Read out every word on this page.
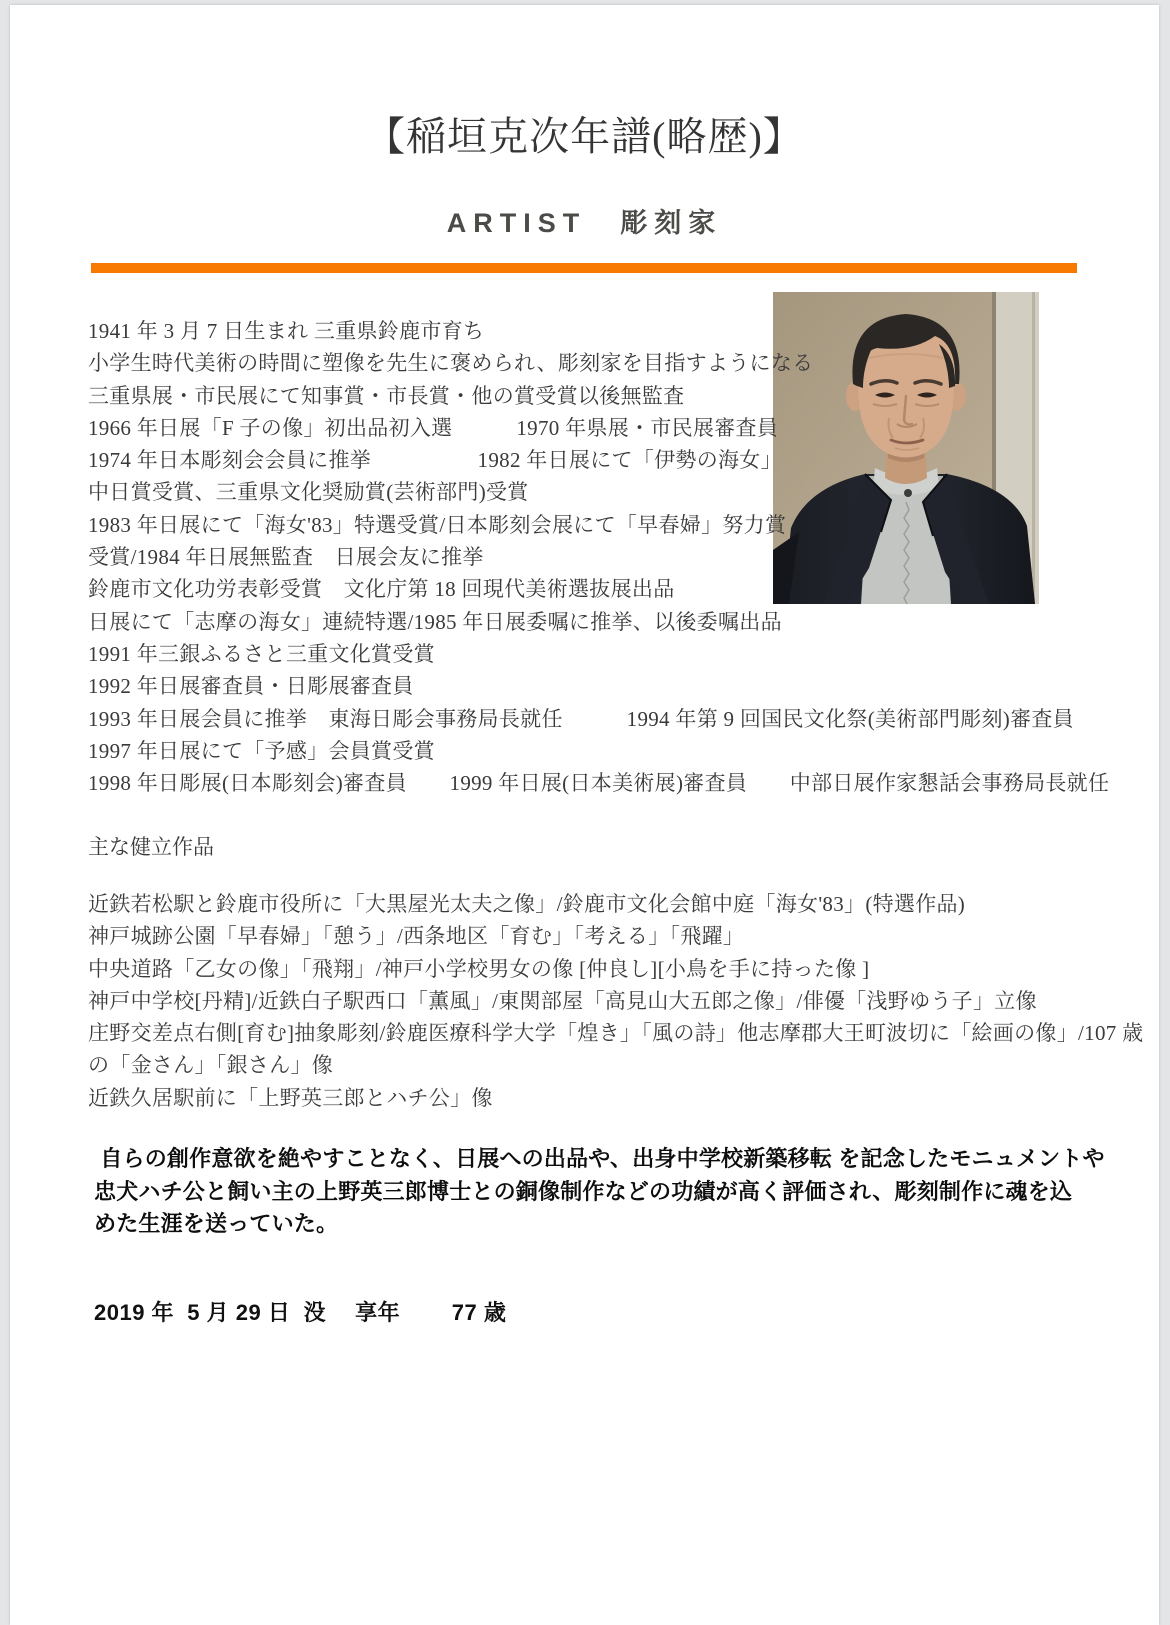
【稲垣克次年譜(略歴)】
ARTIST　彫刻家
1941 年 3 月 7 日生まれ 三重県鈴鹿市育ち
小学生時代美術の時間に塑像を先生に褒められ、彫刻家を目指すようになる
三重県展・市民展にて知事賞・市長賞・他の賞受賞以後無監査
1966 年日展「F 子の像」初出品初入選　　　1970 年県展・市民展審査員
1974 年日本彫刻会会員に推挙　　　　　1982 年日展にて「伊勢の海女」
中日賞受賞、三重県文化奨励賞(芸術部門)受賞
1983 年日展にて「海女'83」特選受賞/日本彫刻会展にて「早春婦」努力賞
受賞/1984 年日展無監査　日展会友に推挙
鈴鹿市文化功労表彰受賞　文化庁第 18 回現代美術選抜展出品
日展にて「志摩の海女」連続特選/1985 年日展委嘱に推挙、以後委嘱出品
1991 年三銀ふるさと三重文化賞受賞
1992 年日展審査員・日彫展審査員
1993 年日展会員に推挙　東海日彫会事務局長就任　　　1994 年第 9 回国民文化祭(美術部門彫刻)審査員
1997 年日展にて「予感」会員賞受賞
1998 年日彫展(日本彫刻会)審査員　　1999 年日展(日本美術展)審査員　　中部日展作家懇話会事務局長就任
主な健立作品
近鉄若松駅と鈴鹿市役所に「大黒屋光太夫之像」/鈴鹿市文化会館中庭「海女'83」(特選作品)
神戸城跡公園「早春婦」「憩う」/西条地区「育む」「考える」「飛躍」
中央道路「乙女の像」「飛翔」/神戸小学校男女の像 [仲良し][小鳥を手に持った像 ]
神戸中学校[丹精]/近鉄白子駅西口「薫風」/東関部屋「高見山大五郎之像」/俳優「浅野ゆう子」立像
庄野交差点右側[育む]抽象彫刻/鈴鹿医療科学大学「煌き」「風の詩」他志摩郡大王町波切に「絵画の像」/107 歳
の「金さん」「銀さん」像
近鉄久居駅前に「上野英三郎とハチ公」像
自らの創作意欲を絶やすことなく、日展への出品や、出身中学校新築移転 を記念したモニュメントや
忠犬ハチ公と飼い主の上野英三郎博士との銅像制作などの功績が高く評価され、彫刻制作に魂を込
めた生涯を送っていた。
2019 年  5 月 29 日  没　 享年　　 77 歳
